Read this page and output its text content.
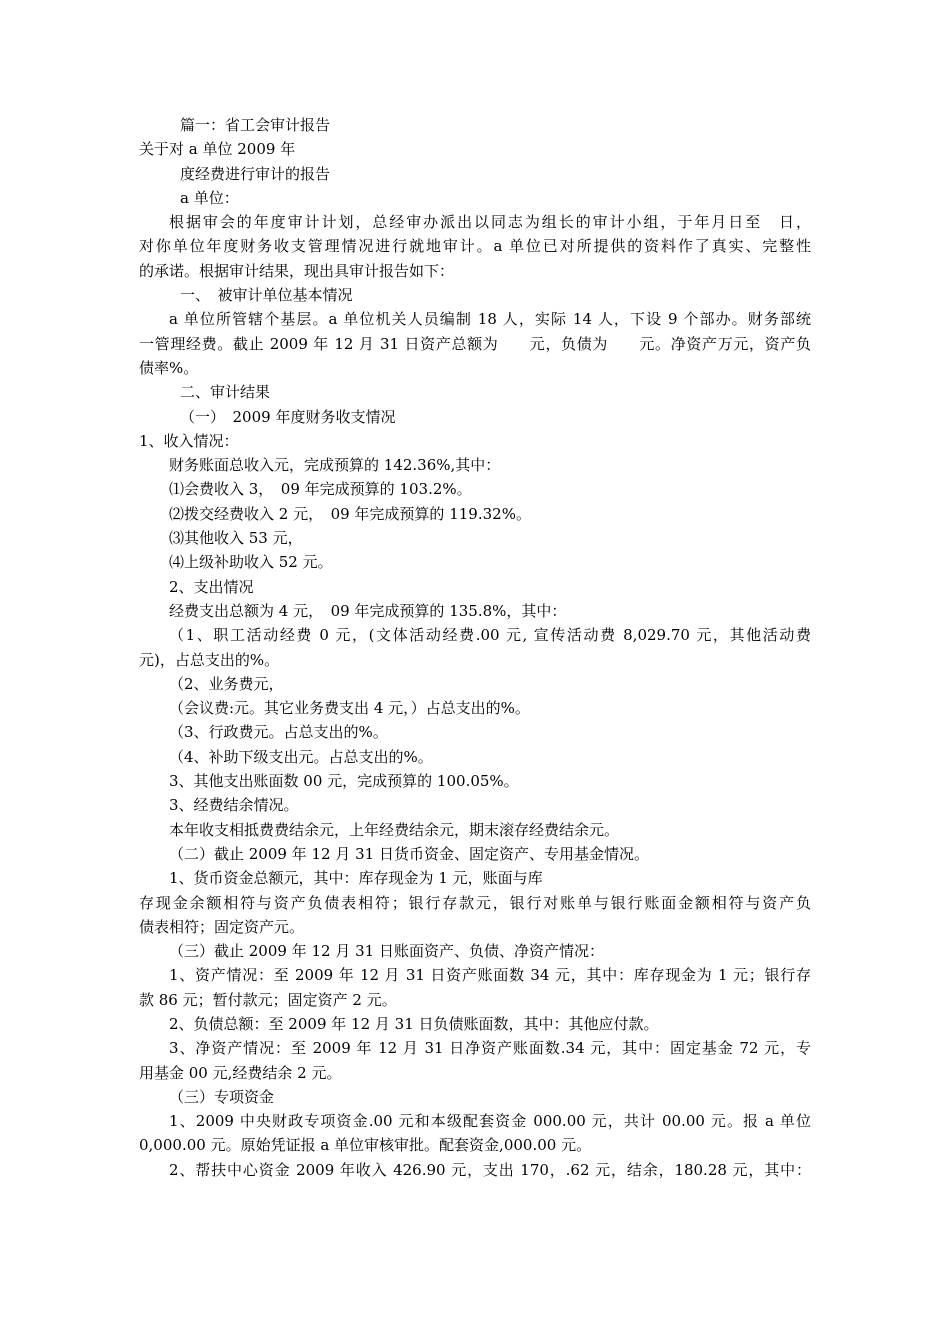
篇一：省工会审计报告
关于对 a 单位 2009 年
度经费进行审计的报告
a 单位：
根据审会的年度审计计划，总经审办派出以同志为组长的审计小组，于年月日至　日，
对你单位年度财务收支管理情况进行就地审计。a 单位已对所提供的资料作了真实、完整性
的承诺。根据审计结果，现出具审计报告如下：
一、　被审计单位基本情况
a 单位所管辖个基层。a 单位机关人员编制 18 人，实际 14 人，下设 9 个部办。财务部统
一管理经费。截止 2009 年 12 月 31 日资产总额为　　元，负债为　　元。净资产万元，资产负
债率%。
二、审计结果
（一）　2009 年度财务收支情况
1、收入情况：
财务账面总收入元，完成预算的 142.36%,其中：
⑴会费收入 3，　09 年完成预算的 103.2%。
⑵拨交经费收入 2 元，　09 年完成预算的 119.32%。
⑶其他收入 53 元，
⑷上级补助收入 52 元。
2、支出情况
经费支出总额为 4 元，　09 年完成预算的 135.8%，其中：
（1、职工活动经费 0 元，(文体活动经费.00 元, 宣传活动费 8,029.70 元，其他活动费
元)，占总支出的%。
（2、业务费元，
（会议费:元。其它业务费支出 4 元，）占总支出的%。
（3、行政费元。占总支出的%。
（4、补助下级支出元。占总支出的%。
3、其他支出账面数 00 元，完成预算的 100.05%。
3、经费结余情况。
本年收支相抵费费结余元，上年经费结余元，期末滚存经费结余元。
（二）截止 2009 年 12 月 31 日货币资金、固定资产、专用基金情况。
1、货币资金总额元，其中：库存现金为 1 元，账面与库
存现金余额相符与资产负债表相符；银行存款元，银行对账单与银行账面金额相符与资产负
债表相符；固定资产元。
（三）截止 2009 年 12 月 31 日账面资产、负债、净资产情况：
1、资产情况：至 2009 年 12 月 31 日资产账面数 34 元，其中：库存现金为 1 元；银行存
款 86 元；暂付款元；固定资产 2 元。
2、负债总额：至 2009 年 12 月 31 日负债账面数，其中：其他应付款。
3、净资产情况：至 2009 年 12 月 31 日净资产账面数.34 元，其中：固定基金 72 元，专
用基金 00 元,经费结余 2 元。
（三）专项资金
1、2009 中央财政专项资金.00 元和本级配套资金 000.00 元，共计 00.00 元。报 a 单位
0,000.00 元。原始凭证报 a 单位审核审批。配套资金,000.00 元。
2、帮扶中心资金 2009 年收入 426.90 元，支出 170，.62 元，结余，180.28 元，其中：
